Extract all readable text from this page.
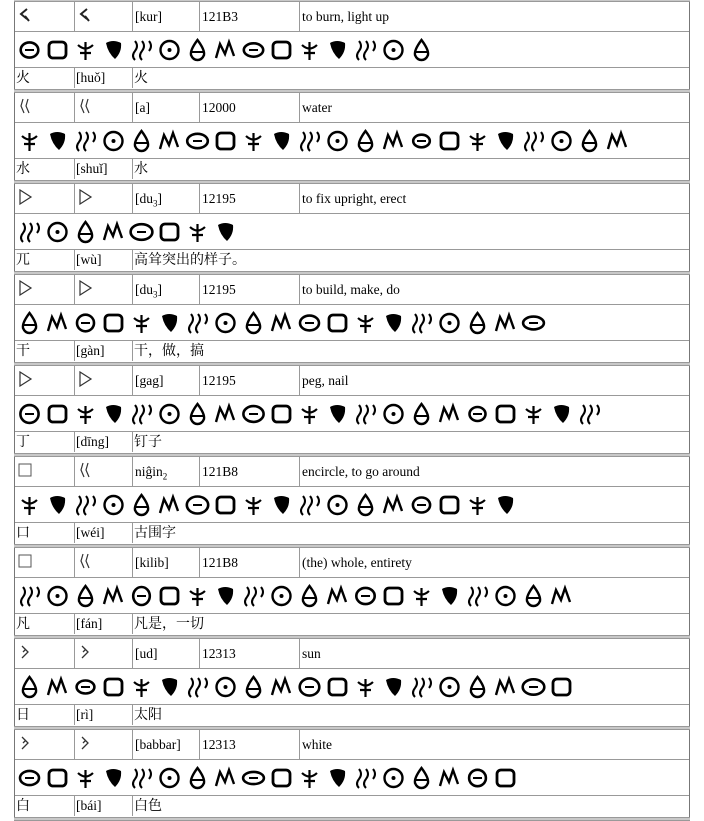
[kur]	121B3	to burn, light up
火	[huǒ]	火
[a]	12000	water
水	[shuǐ]	水
$[du_3]$	12195	to fix upright, erect
兀	[wù]	高耸突出的样子。
$[du_3]$	12195	to build, make, do
干	[gàn]	干，做，搞
[gag]	12195	peg, nail
丁	[dīng]	钉子
niĝin$_2$	121B8	encircle, to go around
口	[wéi]	古围字
[kilib]	121B8	(the) whole, entirety
凡	[fán]	凡是，一切
[ud]	12313	sun
日	[rì]	太阳
[babbar]	12313	white
白	[bái]	白色
